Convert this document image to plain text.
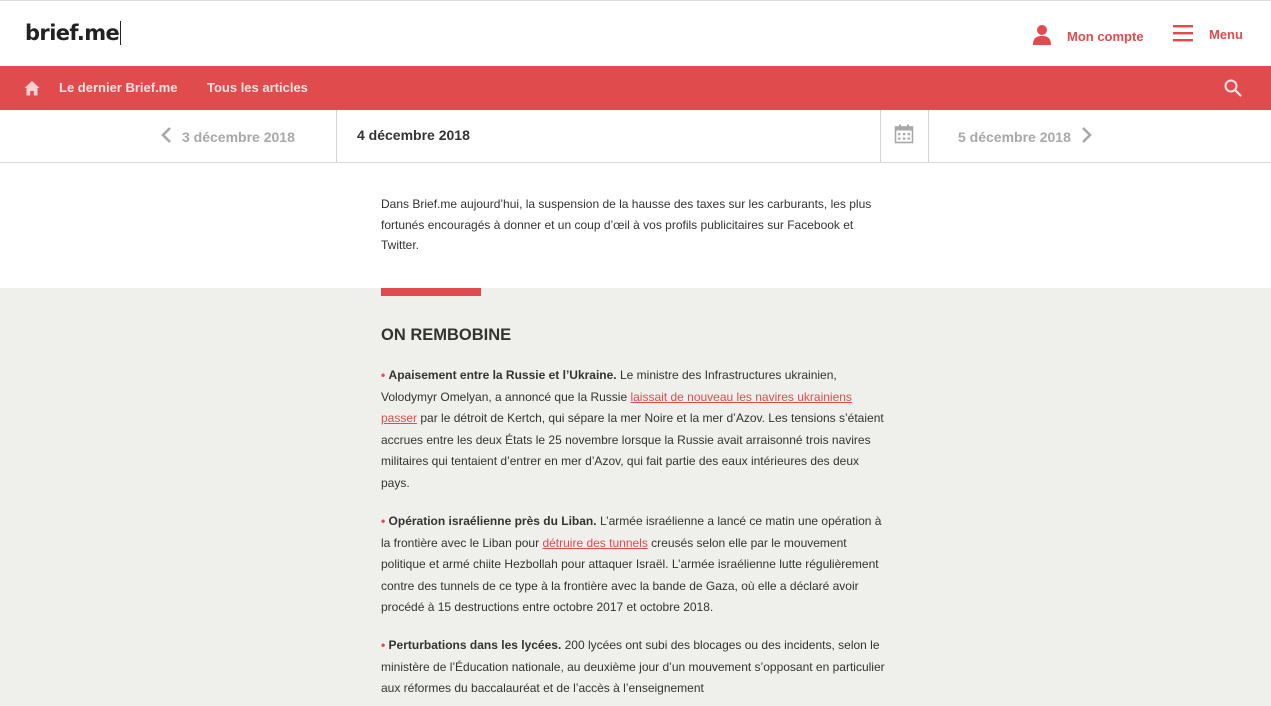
brief.me	Mon compte	Menu
Le dernier Brief.me Tous les articles
3 décembre 2018	4 décembre 2018	5 décembre 2018

Dans Brief.me aujourd’hui, la suspension de la hausse des taxes sur les carburants, les plus fortunés encouragés à donner et un coup d’œil à vos profils publicitaires sur Facebook et Twitter.

ON REMBOBINE

• Apaisement entre la Russie et l’Ukraine. Le ministre des Infrastructures ukrainien, Volodymyr Omelyan, a annoncé que la Russie laissait de nouveau les navires ukrainiens passer par le détroit de Kertch, qui sépare la mer Noire et la mer d’Azov. Les tensions s’étaient accrues entre les deux États le 25 novembre lorsque la Russie avait arraisonné trois navires militaires qui tentaient d’entrer en mer d’Azov, qui fait partie des eaux intérieures des deux pays.

• Opération israélienne près du Liban. L’armée israélienne a lancé ce matin une opération à la frontière avec le Liban pour détruire des tunnels creusés selon elle par le mouvement politique et armé chiite Hezbollah pour attaquer Israël. L’armée israélienne lutte régulièrement contre des tunnels de ce type à la frontière avec la bande de Gaza, où elle a déclaré avoir procédé à 15 destructions entre octobre 2017 et octobre 2018.

• Perturbations dans les lycées. 200 lycées ont subi des blocages ou des incidents, selon le ministère de l’Éducation nationale, au deuxième jour d’un mouvement s’opposant en particulier aux réformes du baccalauréat et de l’accès à l’enseignement
